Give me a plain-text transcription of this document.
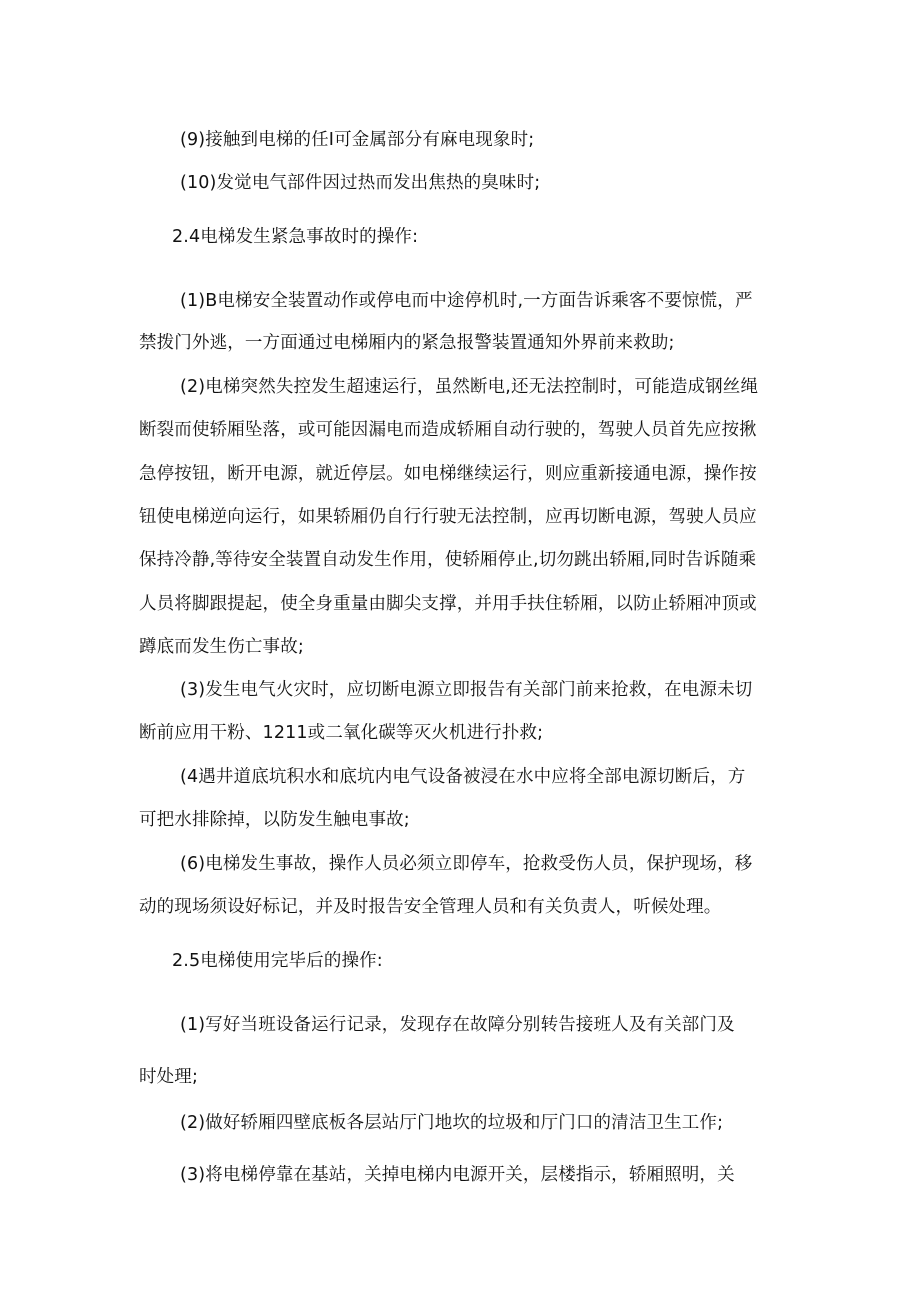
(9)接触到电梯的任I可金属部分有麻电现象时;
(10)发觉电气部件因过热而发出焦热的臭味时;
2.4电梯发生紧急事故时的操作:
(1)B电梯安全装置动作或停电而中途停机时,一方面告诉乘客不要惊慌，严
禁拨门外逃，一方面通过电梯厢内的紧急报警装置通知外界前来救助;
(2)电梯突然失控发生超速运行，虽然断电,还无法控制时，可能造成钢丝绳
断裂而使轿厢坠落，或可能因漏电而造成轿厢自动行驶的，驾驶人员首先应按揪
急停按钮，断开电源，就近停层。如电梯继续运行，则应重新接通电源，操作按
钮使电梯逆向运行，如果轿厢仍自行行驶无法控制，应再切断电源，驾驶人员应
保持冷静,等待安全装置自动发生作用，使轿厢停止,切勿跳出轿厢,同时告诉随乘
人员将脚跟提起，使全身重量由脚尖支撑，并用手扶住轿厢，以防止轿厢冲顶或
蹲底而发生伤亡事故;
(3)发生电气火灾时，应切断电源立即报告有关部门前来抢救，在电源未切
断前应用干粉、1211或二氧化碳等灭火机进行扑救;
(4遇井道底坑积水和底坑内电气设备被浸在水中应将全部电源切断后，方
可把水排除掉，以防发生触电事故;
(6)电梯发生事故，操作人员必须立即停车，抢救受伤人员，保护现场，移
动的现场须设好标记，并及时报告安全管理人员和有关负责人，听候处理。
2.5电梯使用完毕后的操作:
(1)写好当班设备运行记录，发现存在故障分别转告接班人及有关部门及
时处理;
(2)做好轿厢四壁底板各层站厅门地坎的垃圾和厅门口的清洁卫生工作;
(3)将电梯停靠在基站，关掉电梯内电源开关，层楼指示，轿厢照明，关
